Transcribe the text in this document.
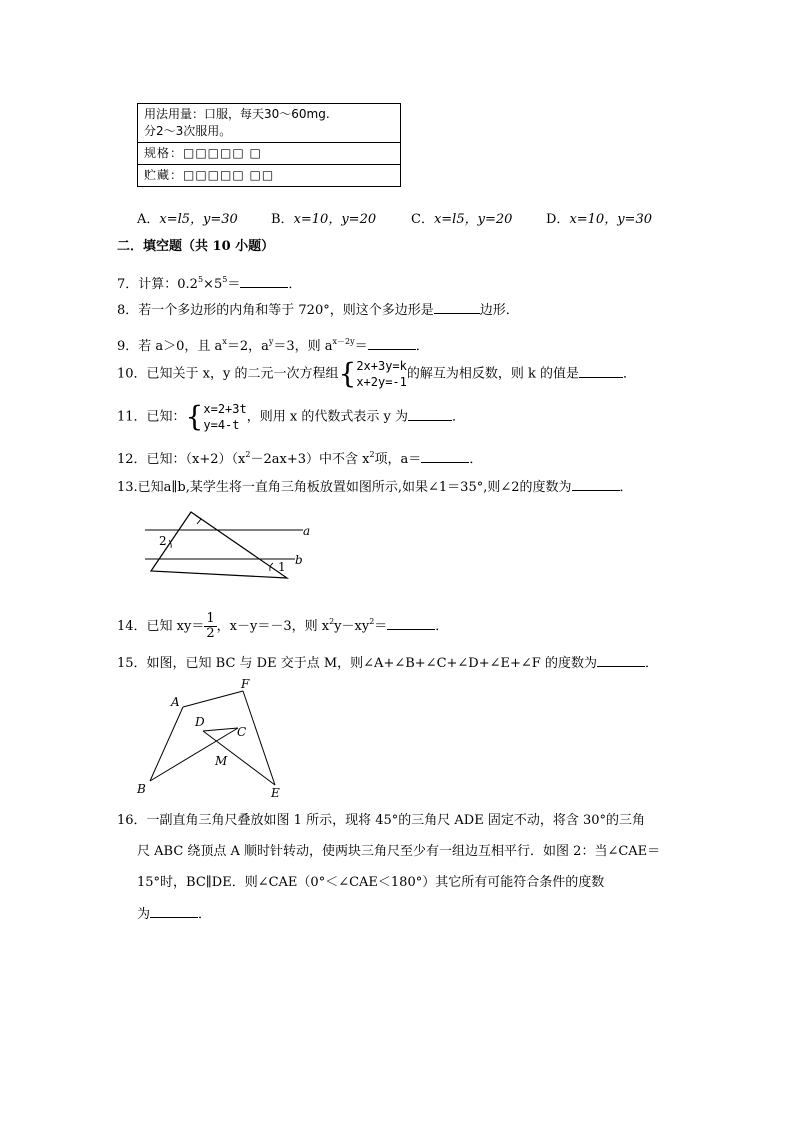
用法用量：口服，每天30～60mg.
分2～3次服用。

规格：□□□□□ □
贮藏：□□□□□ □□
A．x=l5，y=30	B．x=10，y=20	C．x=l5，y=20	D．x=10，y=30
二．填空题（共 10 小题）
7．计算：$0.2^5\times 5^5=$	．
8．若一个多边形的内角和等于 720°，则这个多边形是	边形．
9．若 a＞0，且 $a^x=2$，$a^y=3$，则 $a^{x-2y}=$	．
10．已知关于 x，y 的二元一次方程组{ 2x+3y=k
x+2y=-1
的解互为相反数，则 k 的值是	．
11．已知：{ x=2+3t
y=4-t
，则用 x 的代数式表示 y 为	．
12．已知：$(x+2)(x^2-2ax+3)$中不含 $x^2$项，a＝	．
13.已知a∥b,某学生将一直角三角板放置如图所示,如果∠1＝35°,则∠2的度数为	．
a
b
2
1
14．已知 $xy= \frac{1}{2}$ ，x－y＝－3，则 $x^2y-xy^2=$	．
15．如图，已知 BC 与 DE 交于点 M，则∠A+∠B+∠C+∠D+∠E+∠F 的度数为	．
A
F
D
C
M
B	E
16．一副直角三角尺叠放如图 1 所示，现将 45°的三角尺 ADE 固定不动，将含 30°的三角
尺 ABC 绕顶点 A 顺时针转动，使两块三角尺至少有一组边互相平行．如图 2：当∠CAE＝
15°时，BC∥DE．则∠CAE（0°＜∠CAE＜180°）其它所有可能符合条件的度数
为	．
